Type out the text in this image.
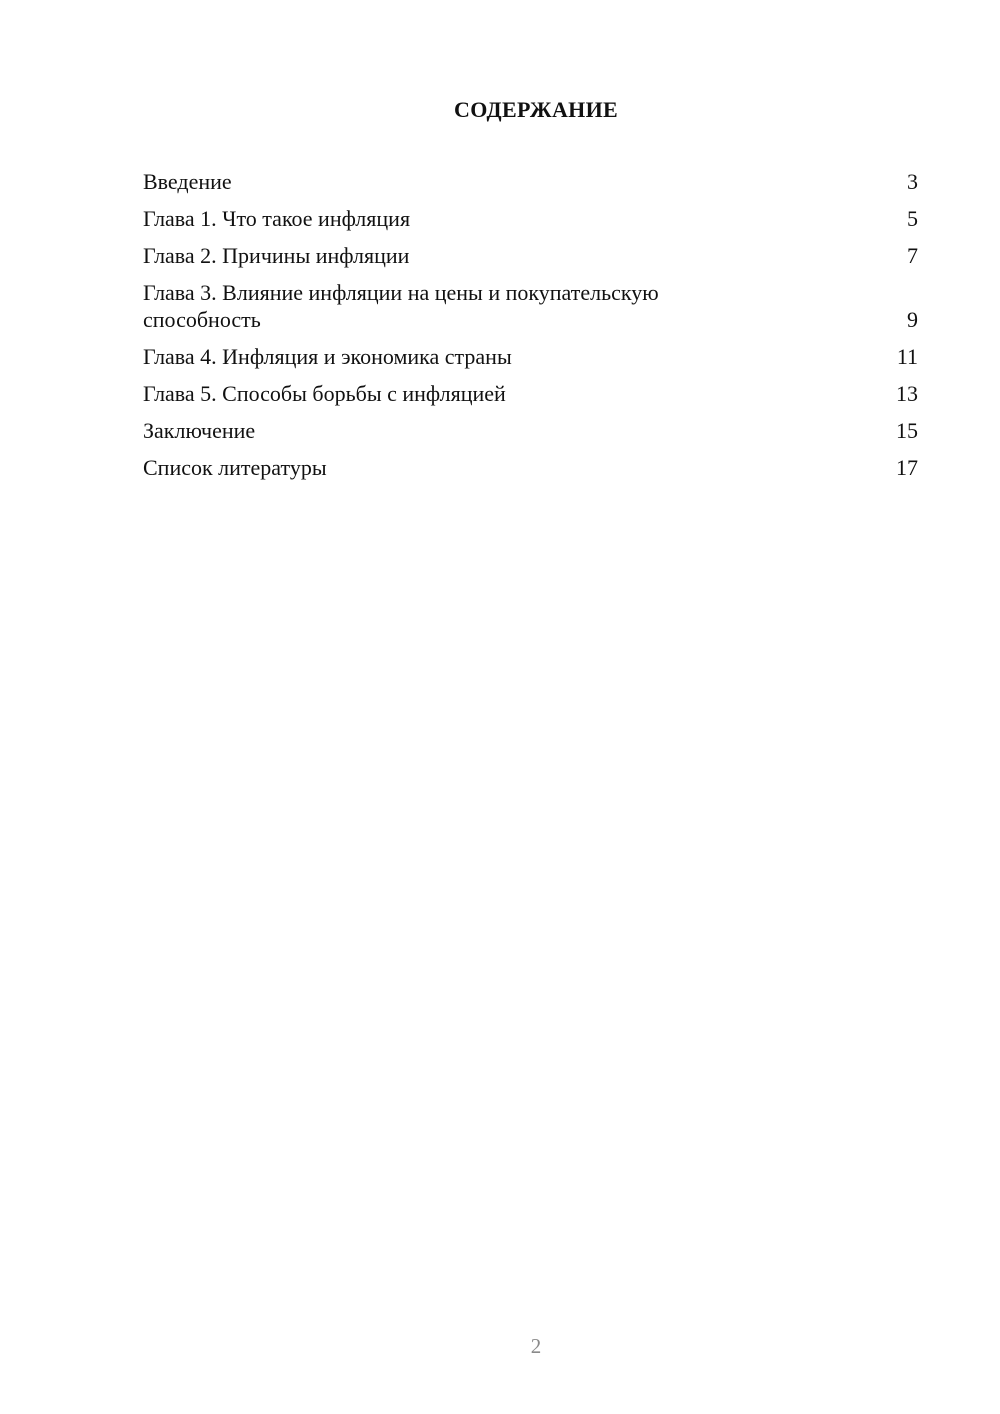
СОДЕРЖАНИЕ
Введение	3
Глава 1. Что такое инфляция	5
Глава 2. Причины инфляции	7
Глава 3. Влияние инфляции на цены и покупательскую способность	9
Глава 4. Инфляция и экономика страны	11
Глава 5. Способы борьбы с инфляцией	13
Заключение	15
Список литературы	17
2
